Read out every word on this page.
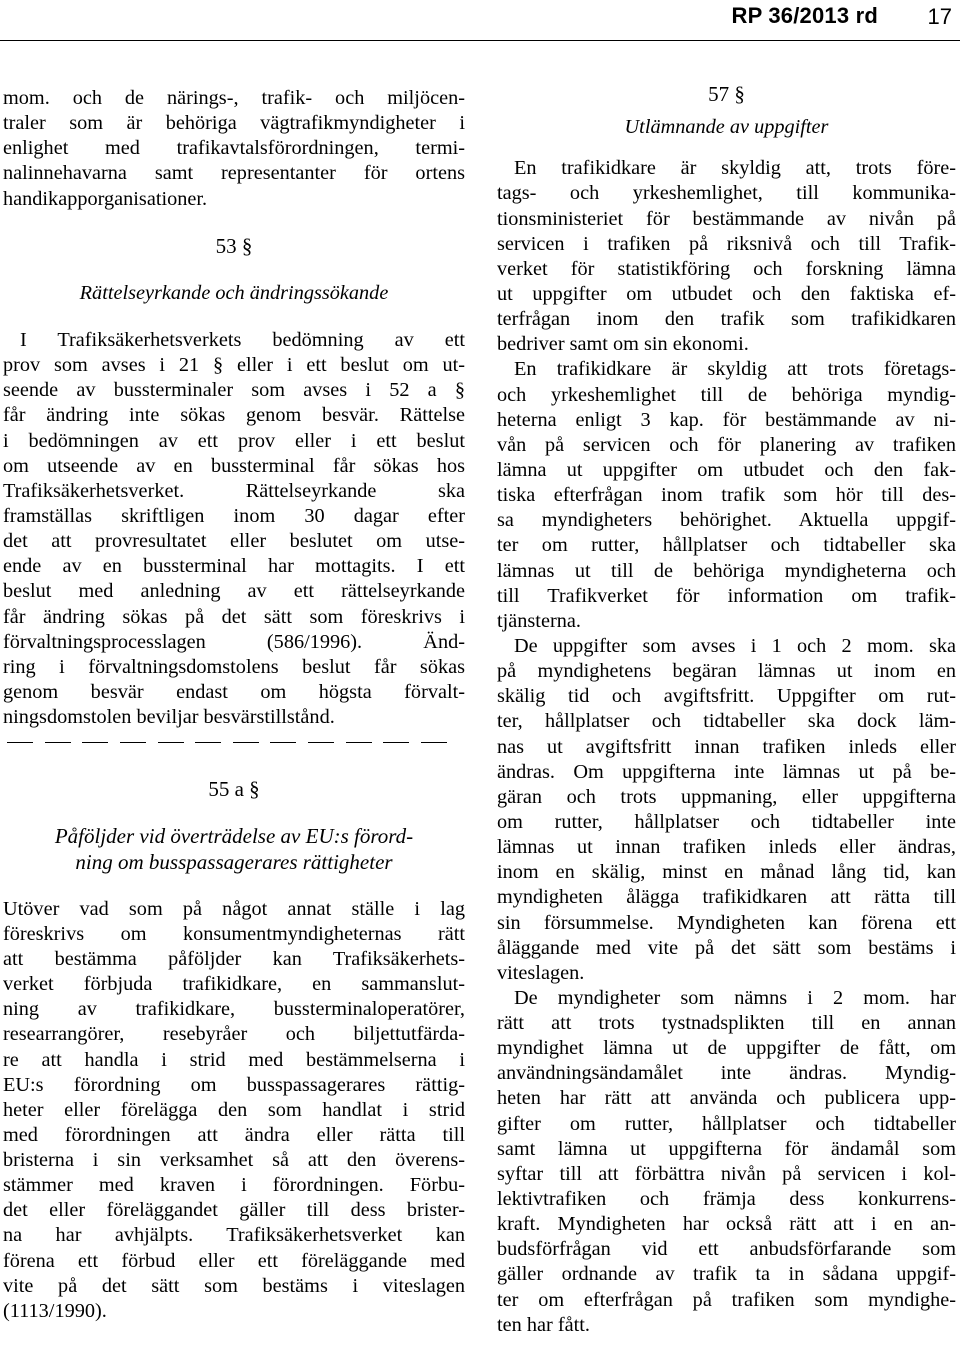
RP 36/2013 rd 17
mom. och de närings-, trafik- och miljöcen-
traler som är behöriga vägtrafikmyndigheter i
enlighet med trafikavtalsförordningen, termi-
nalinnehavarna samt representanter för ortens
handikapporganisationer.
53 §
Rättelseyrkande och ändringssökande
I Trafiksäkerhetsverkets bedömning av ett
prov som avses i 21 § eller i ett beslut om ut-
seende av bussterminaler som avses i 52 a §
får ändring inte sökas genom besvär. Rättelse
i bedömningen av ett prov eller i ett beslut
om utseende av en bussterminal får sökas hos
Trafiksäkerhetsverket. Rättelseyrkande ska
framställas skriftligen inom 30 dagar efter
det att provresultatet eller beslutet om utse-
ende av en bussterminal har mottagits. I ett
beslut med anledning av ett rättelseyrkande
får ändring sökas på det sätt som föreskrivs i
förvaltningsprocesslagen (586/1996). Änd-
ring i förvaltningsdomstolens beslut får sökas
genom besvär endast om högsta förvalt-
ningsdomstolen beviljar besvärstillstånd.
55 a §
Påföljder vid överträdelse av EU:s förord-
ning om busspassagerares rättigheter
Utöver vad som på något annat ställe i lag
föreskrivs om konsumentmyndigheternas rätt
att bestämma påföljder kan Trafiksäkerhets-
verket förbjuda trafikidkare, en sammanslut-
ning av trafikidkare, bussterminaloperatörer,
researrangörer, resebyråer och biljettutfärda-
re att handla i strid med bestämmelserna i
EU:s förordning om busspassagerares rättig-
heter eller förelägga den som handlat i strid
med förordningen att ändra eller rätta till
bristerna i sin verksamhet så att den överens-
stämmer med kraven i förordningen. Förbu-
det eller föreläggandet gäller till dess brister-
na har avhjälpts. Trafiksäkerhetsverket kan
förena ett förbud eller ett föreläggande med
vite på det sätt som bestäms i viteslagen
(1113/1990).
57 §
Utlämnande av uppgifter
En trafikidkare är skyldig att, trots före-
tags- och yrkeshemlighet, till kommunika-
tionsministeriet för bestämmande av nivån på
servicen i trafiken på riksnivå och till Trafik-
verket för statistikföring och forskning lämna
ut uppgifter om utbudet och den faktiska ef-
terfrågan inom den trafik som trafikidkaren
bedriver samt om sin ekonomi.
En trafikidkare är skyldig att trots företags-
och yrkeshemlighet till de behöriga myndig-
heterna enligt 3 kap. för bestämmande av ni-
vån på servicen och för planering av trafiken
lämna ut uppgifter om utbudet och den fak-
tiska efterfrågan inom trafik som hör till des-
sa myndigheters behörighet. Aktuella uppgif-
ter om rutter, hållplatser och tidtabeller ska
lämnas ut till de behöriga myndigheterna och
till Trafikverket för information om trafik-
tjänsterna.
De uppgifter som avses i 1 och 2 mom. ska
på myndighetens begäran lämnas ut inom en
skälig tid och avgiftsfritt. Uppgifter om rut-
ter, hållplatser och tidtabeller ska dock läm-
nas ut avgiftsfritt innan trafiken inleds eller
ändras. Om uppgifterna inte lämnas ut på be-
gäran och trots uppmaning, eller uppgifterna
om rutter, hållplatser och tidtabeller inte
lämnas ut innan trafiken inleds eller ändras,
inom en skälig, minst en månad lång tid, kan
myndigheten ålägga trafikidkaren att rätta till
sin försummelse. Myndigheten kan förena ett
åläggande med vite på det sätt som bestäms i
viteslagen.
De myndigheter som nämns i 2 mom. har
rätt att trots tystnadsplikten till en annan
myndighet lämna ut de uppgifter de fått, om
användningsändamålet inte ändras. Myndig-
heten har rätt att använda och publicera upp-
gifter om rutter, hållplatser och tidtabeller
samt lämna ut uppgifterna för ändamål som
syftar till att förbättra nivån på servicen i kol-
lektivtrafiken och främja dess konkurrens-
kraft. Myndigheten har också rätt att i en an-
budsförfrågan vid ett anbudsförfarande som
gäller ordnande av trafik ta in sådana uppgif-
ter om efterfrågan på trafiken som myndighe-
ten har fått.
